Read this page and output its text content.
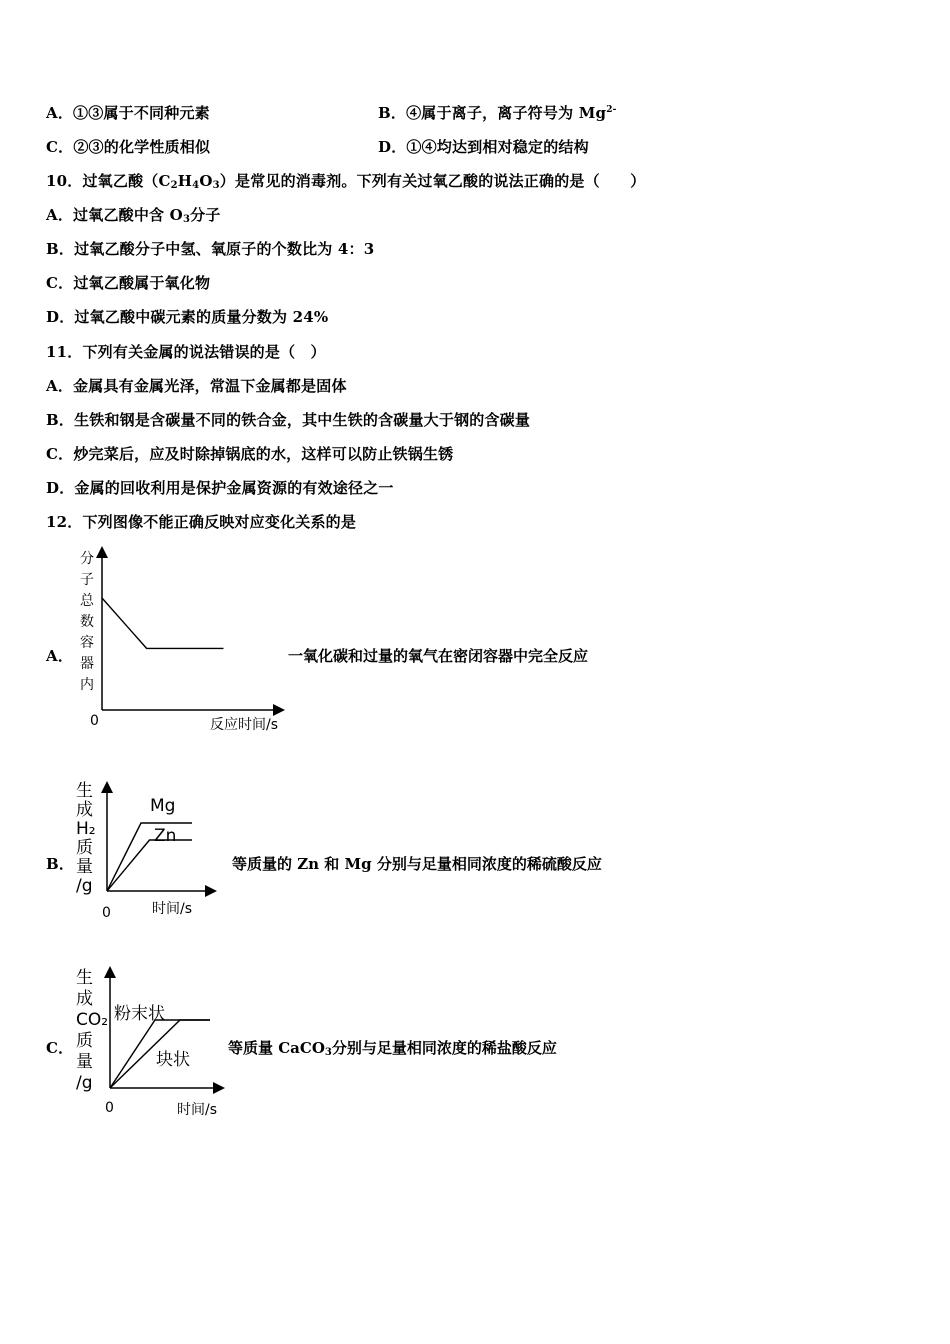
A．①③属于不同种元素	B．④属于离子，离子符号为 $Mg^{2-}$
C．②③的化学性质相似	D．①④均达到相对稳定的结构
10．过氧乙酸$(C_2H_4O_3)$是常见的消毒剂。下列有关过氧乙酸的说法正确的是（　　）
A．过氧乙酸中含 $O_3$分子
B．过氧乙酸分子中氢、氧原子的个数比为 4：3
C．过氧乙酸属于氧化物
D．过氧乙酸中碳元素的质量分数为 24%
11．下列有关金属的说法错误的是（　）
A．金属具有金属光泽，常温下金属都是固体
B．生铁和钢是含碳量不同的铁合金，其中生铁的含碳量大于钢的含碳量
C．炒完菜后，应及时除掉锅底的水，这样可以防止铁锅生锈
D．金属的回收利用是保护金属资源的有效途径之一
12．下列图像不能正确反映对应变化关系的是
A．
分
子
总
数
容
器
内
0	反应时间/s
一氧化碳和过量的氧气在密闭容器中完全反应
B．
生
成
H₂
质
量
/g
0	时间/s
Mg
Zn
等质量的 Zn 和 Mg 分别与足量相同浓度的稀硫酸反应
C．
生
成
CO₂
质
量
/g
0	时间/s
粉末状
块状
等质量 CaCO$_3$分别与足量相同浓度的稀盐酸反应
